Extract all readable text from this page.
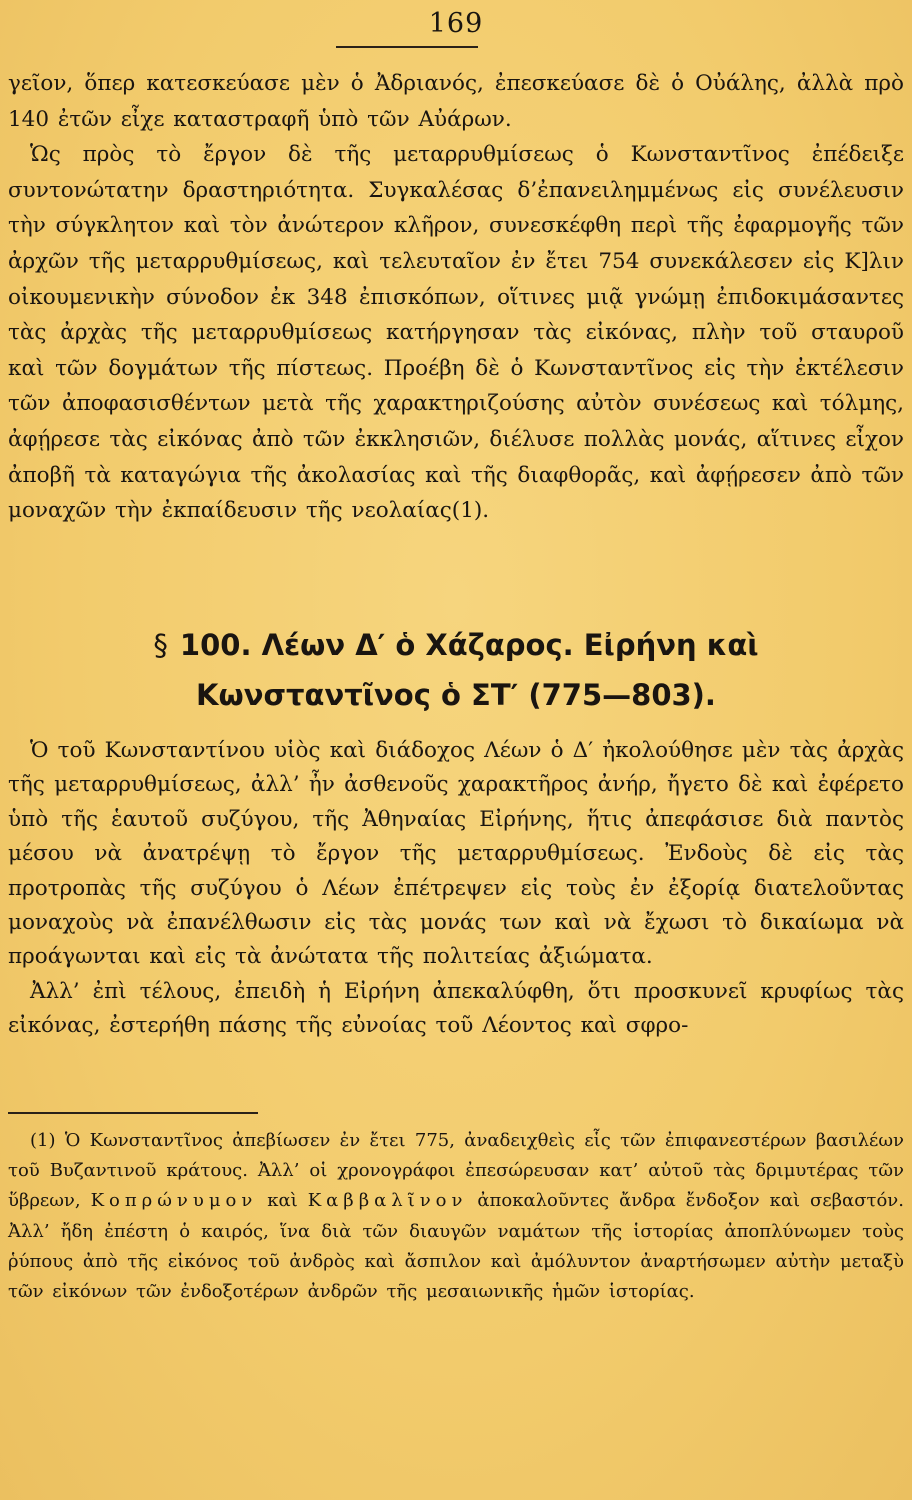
169

γεῖον, ὅπερ κατεσκεύασε μὲν ὁ Ἀδριανός, ἐπεσκεύασε δὲ ὁ Οὐάλης, ἀλλὰ πρὸ 140 ἐτῶν εἶχε καταστραφῆ ὑπὸ τῶν Αὐάρων.

Ὡς πρὸς τὸ ἔργον δὲ τῆς μεταρρυθμίσεως ὁ Κωνσταντῖνος ἐπέδειξε συντονώτατην δραστηριότητα. Συγκαλέσας δ’ἐπανειλημμένως εἰς συνέλευσιν τὴν σύγκλητον καὶ τὸν ἀνώτερον κλῆρον, συνεσκέφθη περὶ τῆς ἐφαρμογῆς τῶν ἀρχῶν τῆς μεταρρυθμίσεως, καὶ τελευταῖον ἐν ἔτει 754 συνεκάλεσεν εἰς Κ]λιν οἰκουμενικὴν σύνοδον ἐκ 348 ἐπισκόπων, οἵτινες μιᾷ γνώμῃ ἐπιδοκιμάσαντες τὰς ἀρχὰς τῆς μεταρρυθμίσεως κατήργησαν τὰς εἰκόνας, πλὴν τοῦ σταυροῦ καὶ τῶν δογμάτων τῆς πίστεως. Προέβη δὲ ὁ Κωνσταντῖνος εἰς τὴν ἐκτέλεσιν τῶν ἀποφασισθέντων μετὰ τῆς χαρακτηριζούσης αὐτὸν συνέσεως καὶ τόλμης, ἀφῄρεσε τὰς εἰκόνας ἀπὸ τῶν ἐκκλησιῶν, διέλυσε πολλὰς μονάς, αἵτινες εἶχον ἀποβῆ τὰ καταγώγια τῆς ἀκολασίας καὶ τῆς διαφθορᾶς, καὶ ἀφῄρεσεν ἀπὸ τῶν μοναχῶν τὴν ἐκπαίδευσιν τῆς νεολαίας(1).

§ 100. Λέων Δ′ ὁ Χάζαρος. Εἰρήνη καὶ
Κωνσταντῖνος ὁ ΣΤ′ (775—803).

Ὁ τοῦ Κωνσταντίνου υἱὸς καὶ διάδοχος Λέων ὁ Δ′ ἠκολούθησε μὲν τὰς ἀρχὰς τῆς μεταρρυθμίσεως, ἀλλ’ ἦν ἀσθενοῦς χαρακτῆρος ἀνήρ, ἤγετο δὲ καὶ ἐφέρετο ὑπὸ τῆς ἑαυτοῦ συζύγου, τῆς Ἀθηναίας Εἰρήνης, ἥτις ἀπεφάσισε διὰ παντὸς μέσου νὰ ἀνατρέψῃ τὸ ἔργον τῆς μεταρρυθμίσεως. Ἐνδοὺς δὲ εἰς τὰς προτροπὰς τῆς συζύγου ὁ Λέων ἐπέτρεψεν εἰς τοὺς ἐν ἐξορίᾳ διατελοῦντας μοναχοὺς νὰ ἐπανέλθωσιν εἰς τὰς μονάς των καὶ νὰ ἔχωσι τὸ δικαίωμα νὰ προάγωνται καὶ εἰς τὰ ἀνώτατα τῆς πολιτείας ἀξιώματα.

Ἀλλ’ ἐπὶ τέλους, ἐπειδὴ ἡ Εἰρήνη ἀπεκαλύφθη, ὅτι προσκυνεῖ κρυφίως τὰς εἰκόνας, ἐστερήθη πάσης τῆς εὐνοίας τοῦ Λέοντος καὶ σφρο-

(1) Ὁ Κωνσταντῖνος ἀπεβίωσεν ἐν ἔτει 775, ἀναδειχθεὶς εἷς τῶν ἐπιφανεστέρων βασιλέων τοῦ Βυζαντινοῦ κράτους. Ἀλλ’ οἱ χρονογράφοι ἐπεσώρευσαν κατ’ αὐτοῦ τὰς δριμυτέρας τῶν ὕβρεων, Κοπρώνυμον καὶ Καββαλῖνον ἀποκαλοῦντες ἄνδρα ἔνδοξον καὶ σεβαστόν. Ἀλλ’ ἤδη ἐπέστη ὁ καιρός, ἵνα διὰ τῶν διαυγῶν ναμάτων τῆς ἱστορίας ἀποπλύνωμεν τοὺς ῥύπους ἀπὸ τῆς εἰκόνος τοῦ ἀνδρὸς καὶ ἄσπιλον καὶ ἀμόλυντον ἀναρτήσωμεν αὐτὴν μεταξὺ τῶν εἰκόνων τῶν ἐνδοξοτέρων ἀνδρῶν τῆς μεσαιωνικῆς ἡμῶν ἱστορίας.
